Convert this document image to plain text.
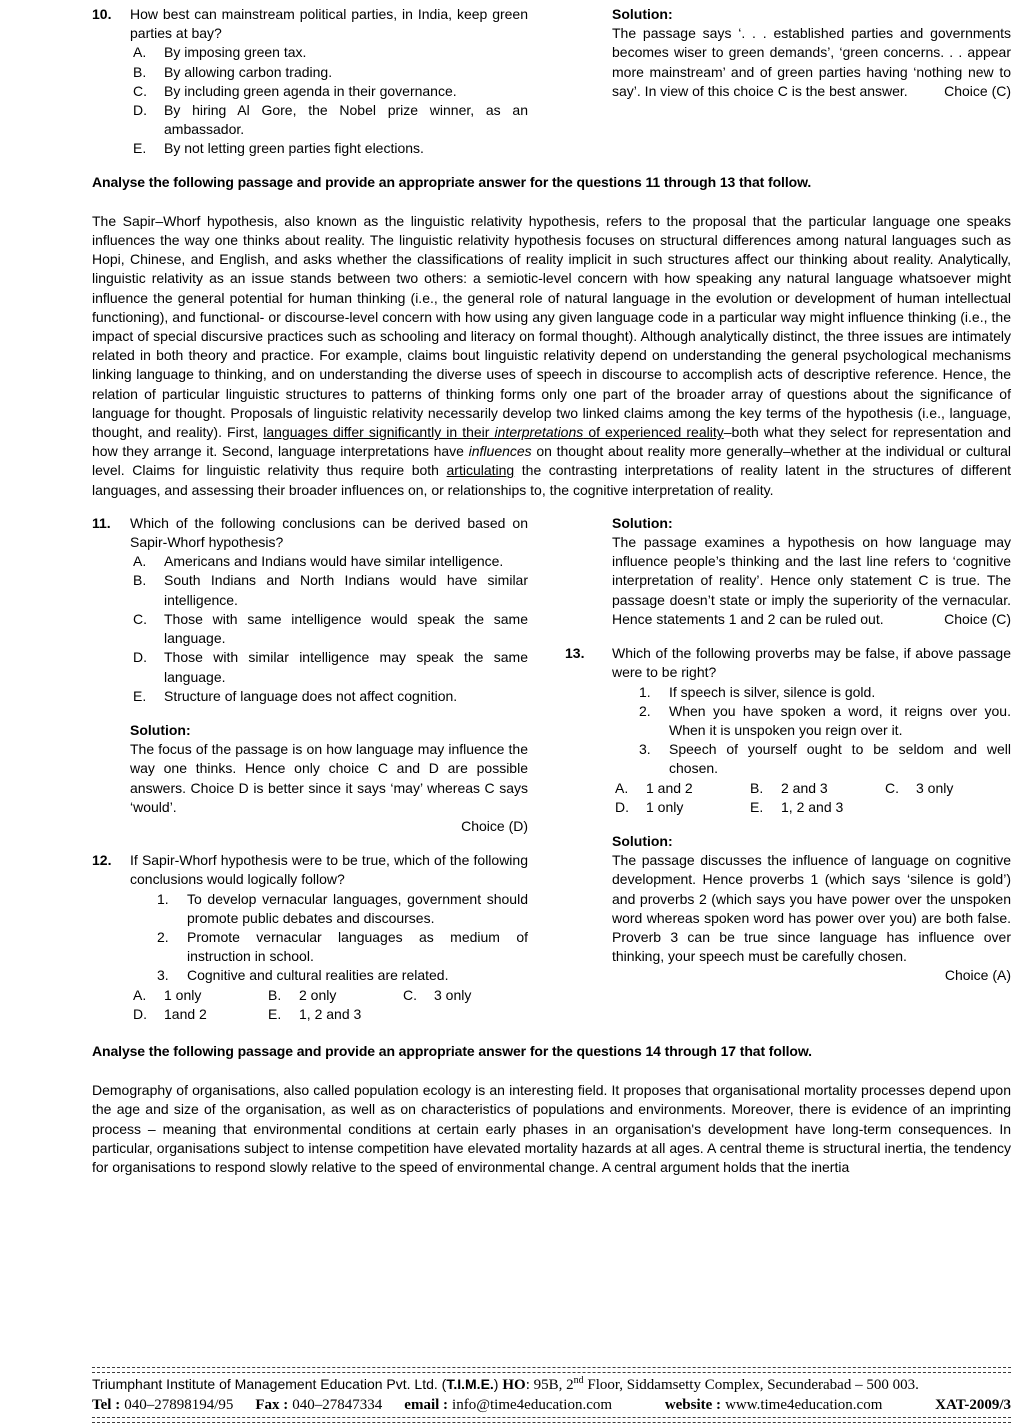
10.	How best can mainstream political parties, in India, keep green parties at bay?

A.	By imposing green tax.
B.	By allowing carbon trading.
C.	By including green agenda in their governance.
D.	By hiring Al Gore, the Nobel prize winner, as an ambassador.
E.	By not letting green parties fight elections.
Solution:

The passage says ‘. . . established parties and governments becomes wiser to green demands’, ‘green concerns. . . appear more mainstream’ and of green parties having ‘nothing new to say’. In view of this choice C is the best answer.	Choice (C)

Analyse the following passage and provide an appropriate answer for the questions 11 through 13 that follow.

The Sapir–Whorf hypothesis, also known as the linguistic relativity hypothesis, refers to the proposal that the particular language one speaks influences the way one thinks about reality. The linguistic relativity hypothesis focuses on structural differences among natural languages such as Hopi, Chinese, and English, and asks whether the classifications of reality implicit in such structures affect our thinking about reality. Analytically, linguistic relativity as an issue stands between two others: a semiotic-level concern with how speaking any natural language whatsoever might influence the general potential for human thinking (i.e., the general role of natural language in the evolution or development of human intellectual functioning), and functional- or discourse-level concern with how using any given language code in a particular way might influence thinking (i.e., the impact of special discursive practices such as schooling and literacy on formal thought). Although analytically distinct, the three issues are intimately related in both theory and practice. For example, claims bout linguistic relativity depend on understanding the general psychological mechanisms linking language to thinking, and on understanding the diverse uses of speech in discourse to accomplish acts of descriptive reference. Hence, the relation of particular linguistic structures to patterns of thinking forms only one part of the broader array of questions about the significance of language for thought. Proposals of linguistic relativity necessarily develop two linked claims among the key terms of the hypothesis (i.e., language, thought, and reality). First, languages differ significantly in their interpretations of experienced reality–both what they select for representation and how they arrange it. Second, language interpretations have influences on thought about reality more generally–whether at the individual or cultural level. Claims for linguistic relativity thus require both articulating the contrasting interpretations of reality latent in the structures of different languages, and assessing their broader influences on, or relationships to, the cognitive interpretation of reality.

11.	Which of the following conclusions can be derived based on Sapir-Whorf hypothesis?

A.	Americans and Indians would have similar intelligence.
B.	South Indians and North Indians would have similar intelligence.
C.	Those with same intelligence would speak the same language.
D.	Those with similar intelligence may speak the same language.
E.	Structure of language does not affect cognition.
Solution:

The focus of the passage is on how language may influence the way one thinks. Hence only choice C and D are possible answers. Choice D is better since it says ‘may’ whereas C says ‘would’.

Choice (D)
12.	If Sapir-Whorf hypothesis were to be true, which of the following conclusions would logically follow?

1.	To develop vernacular languages, government should promote public debates and discourses.
2.	Promote vernacular languages as medium of instruction in school.
3.	Cognitive and cultural realities are related.
A.	1 only	B.	2 only	C.	3 only
D.	1and 2	E.	1, 2 and 3
Solution:

The passage examines a hypothesis on how language may influence people’s thinking and the last line refers to ‘cognitive interpretation of reality’. Hence only statement C is true. The passage doesn’t state or imply the superiority of the vernacular. Hence statements 1 and 2 can be ruled out.	Choice (C)

13.	Which of the following proverbs may be false, if above passage were to be right?

1.	If speech is silver, silence is gold.
2.	When you have spoken a word, it reigns over you. When it is unspoken you reign over it.
3.	Speech of yourself ought to be seldom and well chosen.
A.	1 and 2	B.	2 and 3	C.	3 only
D.	1 only	E.	1, 2 and 3
Solution:

The passage discusses the influence of language on cognitive development. Hence proverbs 1 (which says ‘silence is gold’) and proverbs 2 (which says you have power over the unspoken word whereas spoken word has power over you) are both false. Proverb 3 can be true since language has influence over thinking, your speech must be carefully chosen.

Choice (A)

Analyse the following passage and provide an appropriate answer for the questions 14 through 17 that follow.

Demography of organisations, also called population ecology is an interesting field. It proposes that organisational mortality processes depend upon the age and size of the organisation, as well as on characteristics of populations and environments. Moreover, there is evidence of an imprinting process – meaning that environmental conditions at certain early phases in an organisation's development have long-term consequences. In particular, organisations subject to intense competition have elevated mortality hazards at all ages. A central theme is structural inertia, the tendency for organisations to respond slowly relative to the speed of environmental change. A central argument holds that the inertia

Triumphant Institute of Management Education Pvt. Ltd. (T.I.M.E.) HO: 95B, 2nd Floor, Siddamsetty Complex, Secunderabad – 500 003.
Tel : 040–27898194/95 Fax : 040–27847334 email : info@time4education.com	website : www.time4education.com	XAT-2009/3
